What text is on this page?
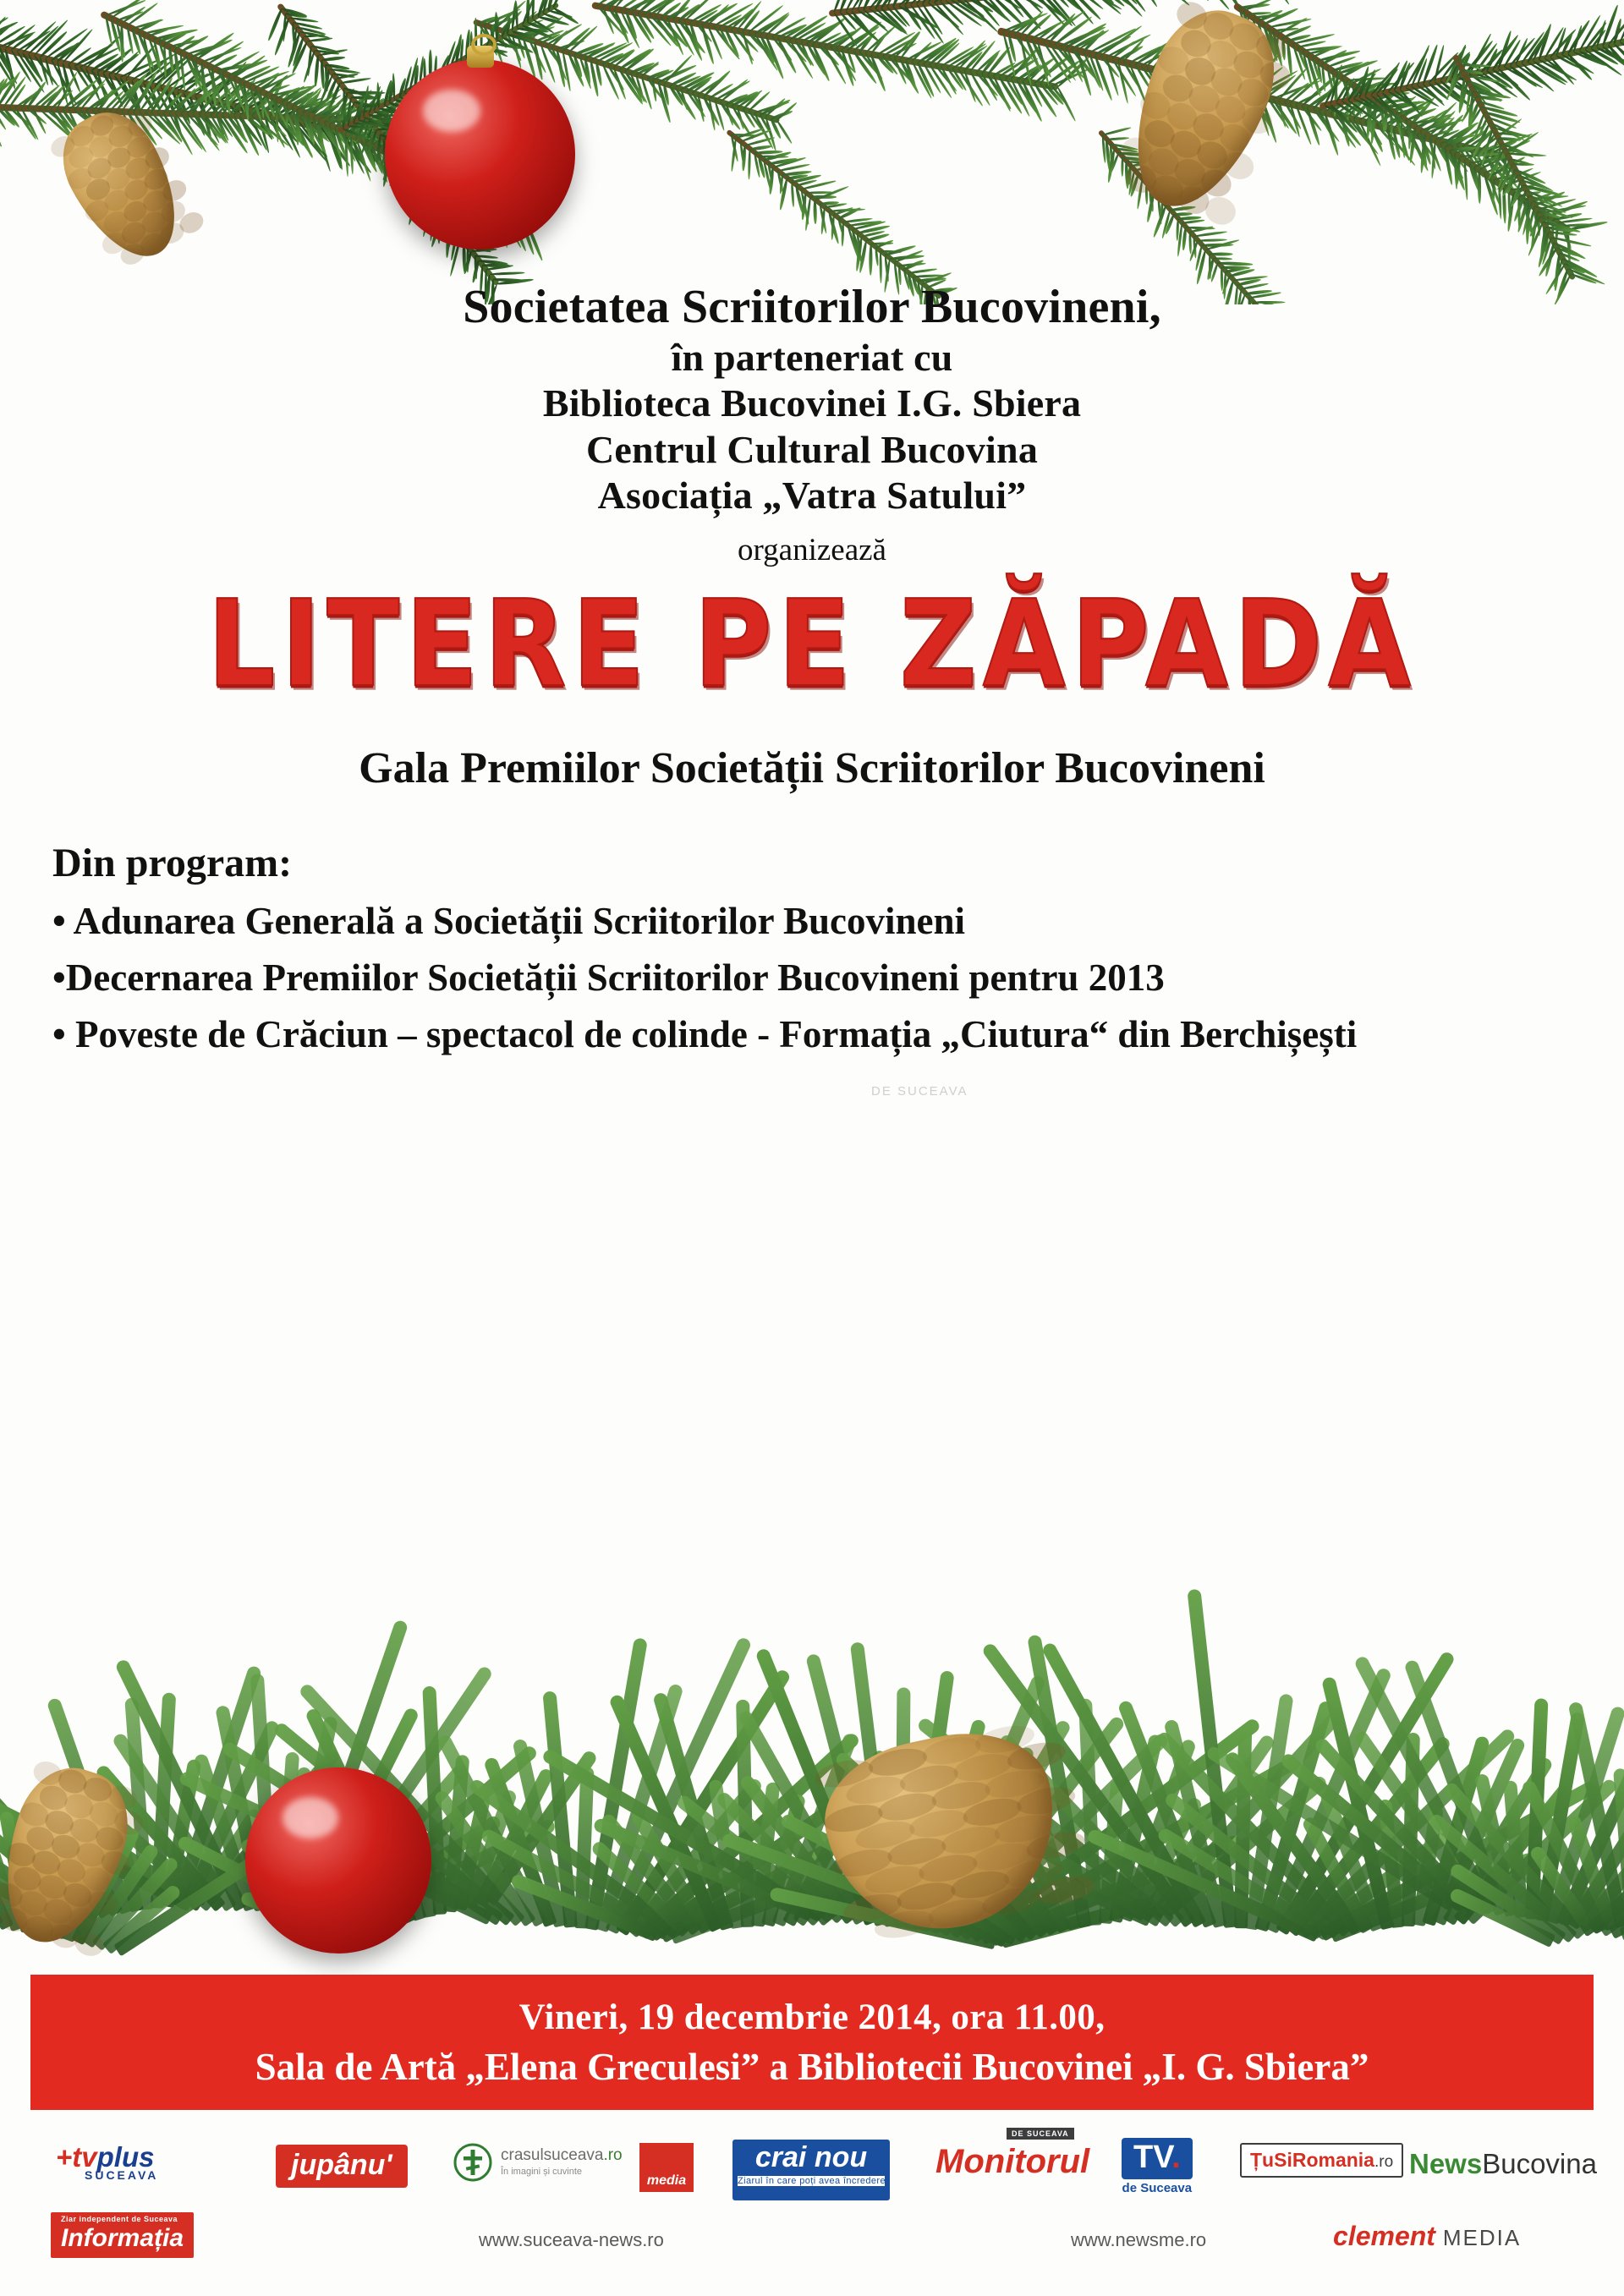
Societatea Scriitorilor Bucovineni,
în parteneriat cu
Biblioteca Bucovinei I.G. Sbiera
Centrul Cultural Bucovina
Asociația „Vatra Satului”
organizează
LITERE PE ZĂPADĂ
Gala Premiilor Societății Scriitorilor Bucovineni
Din program:
• Adunarea Generală a Societății Scriitorilor Bucovineni
•Decernarea Premiilor Societății Scriitorilor Bucovineni pentru 2013
• Poveste de Crăciun – spectacol de colinde - Formația „Ciutura“ din Berchișești
DE SUCEAVA
Vineri, 19 decembrie 2014, ora 11.00,
Sala de Artă „Elena Greculesi” a Bibliotecii Bucovinei „I. G. Sbiera”
+tvplus
SUCEAVA
Ziar independent de Suceava
Informația
jupânu'	crasulsuceava.ro
În imagini și cuvinte
www.suceava-news.ro
media
crai nou
Ziarul în care poți avea încredere
DE SUCEAVA
Monitorul	TV.
de Suceava
www.newsme.ro
ȚuSiRomania.ro NewsBucovina
clement MEDIA
